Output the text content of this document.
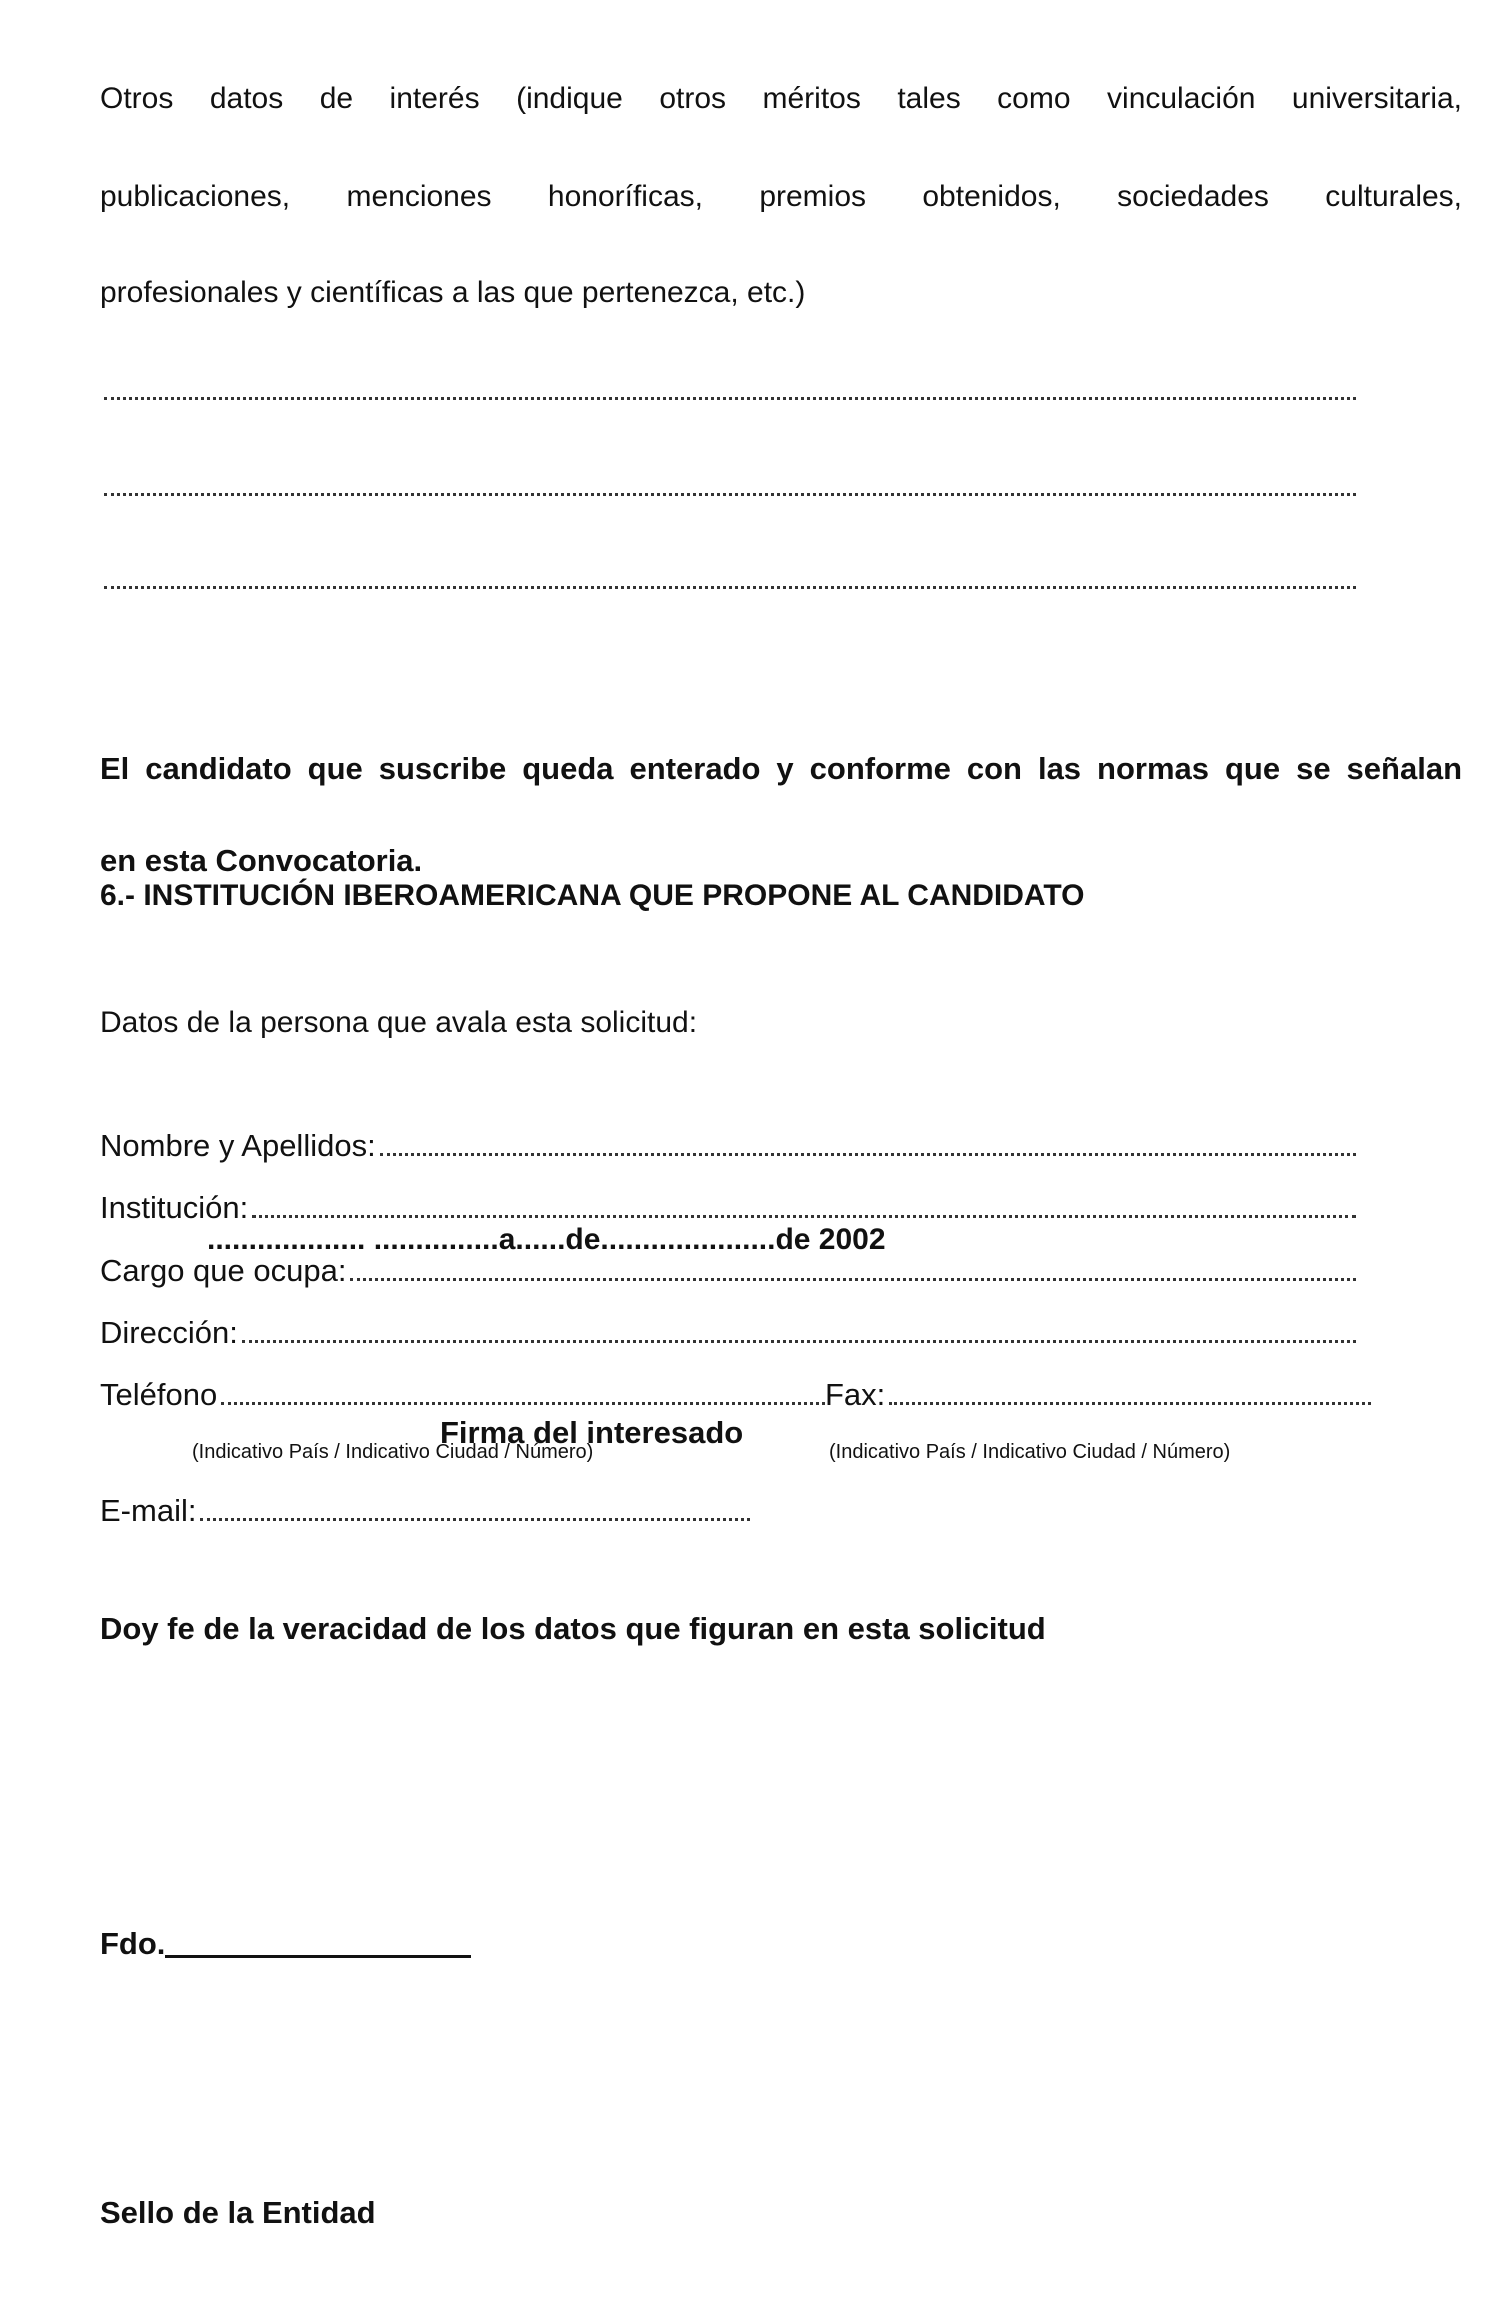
Otros datos de interés (indique otros méritos tales como vinculación universitaria,
publicaciones, menciones honoríficas, premios obtenidos, sociedades culturales,
profesionales y científicas a las que pertenezca, etc.)
El candidato que suscribe queda enterado y conforme con las normas que se señalan
en esta Convocatoria.
................... ...............a......de.....................de 2002
Firma del interesado
6.- INSTITUCIÓN IBEROAMERICANA QUE PROPONE AL CANDIDATO
Datos de la persona que avala esta solicitud:
Nombre y Apellidos:
Institución:
Cargo que ocupa:
Dirección:
Teléfono	Fax:
(Indicativo País / Indicativo Ciudad / Número)	(Indicativo País / Indicativo Ciudad / Número)
E-mail:
Doy fe de la veracidad de los datos que figuran en esta solicitud
Fdo.
Sello de la Entidad
